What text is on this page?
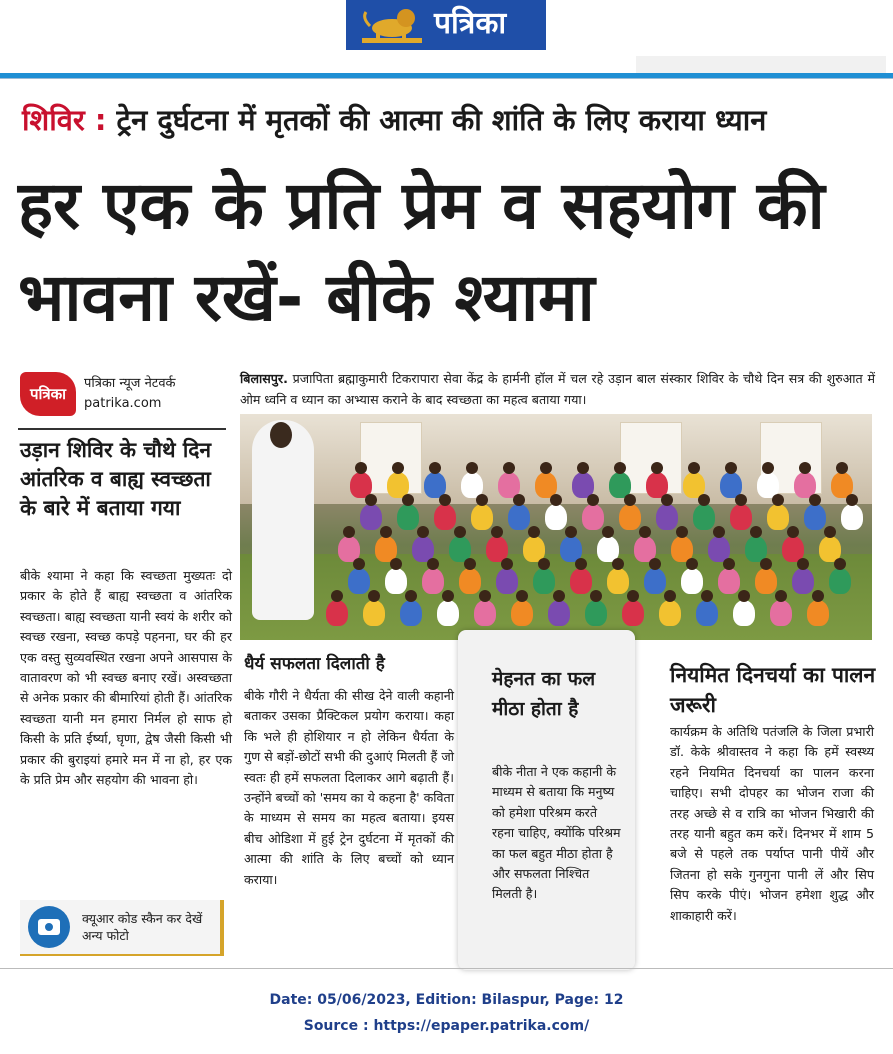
पत्रिका
शिविर : ट्रेन दुर्घटना में मृतकों की आत्मा की शांति के लिए कराया ध्यान
हर एक के प्रति प्रेम व सहयोग की भावना रखें- बीके श्यामा
पत्रिका
पत्रिका न्यूज नेटवर्क
patrika.com
उड़ान शिविर के चौथे दिन आंतरिक व बाह्य स्वच्छता के बारे में बताया गया
बीके श्यामा ने कहा कि स्वच्छता मुख्यतः दो प्रकार के होते हैं बाह्य स्वच्छता व आंतरिक स्वच्छता। बाह्य स्वच्छता यानी स्वयं के शरीर को स्वच्छ रखना, स्वच्छ कपड़े पहनना, घर की हर एक वस्तु सुव्यवस्थित रखना अपने आसपास के वातावरण को भी स्वच्छ बनाए रखें। अस्वच्छता से अनेक प्रकार की बीमारियां होती हैं। आंतरिक स्वच्छता यानी मन हमारा निर्मल हो साफ हो किसी के प्रति ईर्ष्या, घृणा, द्वेष जैसी किसी भी प्रकार की बुराइयां हमारे मन में ना हो, हर एक के प्रति प्रेम और सहयोग की भावना हो।
क्यूआर कोड स्कैन कर देखें अन्य फोटो
बिलासपुर. प्रजापिता ब्रह्माकुमारी टिकरापारा सेवा केंद्र के हार्मनी हॉल में चल रहे उड़ान बाल संस्कार शिविर के चौथे दिन सत्र की शुरुआत में ओम ध्वनि व ध्यान का अभ्यास कराने के बाद स्वच्छता का महत्व बताया गया।
धैर्य सफलता दिलाती है
बीके गौरी ने धैर्यता की सीख देने वाली कहानी बताकर उसका प्रैक्टिकल प्रयोग कराया। कहा कि भले ही होशियार न हो लेकिन धैर्यता के गुण से बड़ों-छोटों सभी की दुआएं मिलती हैं जो स्वतः ही हमें सफलता दिलाकर आगे बढ़ाती हैं। उन्होंने बच्चों को 'समय का ये कहना है' कविता के माध्यम से समय का महत्व बताया। इयस बीच ओडिशा में हुई ट्रेन दुर्घटना में मृतकों की आत्मा की शांति के लिए बच्चों को ध्यान कराया।
मेहनत का फल मीठा होता है
बीके नीता ने एक कहानी के माध्यम से बताया कि मनुष्य को हमेशा परिश्रम करते रहना चाहिए, क्योंकि परिश्रम का फल बहुत मीठा होता है और सफलता निश्चित मिलती है।
नियमित दिनचर्या का पालन जरूरी
कार्यक्रम के अतिथि पतंजलि के जिला प्रभारी डॉ. केके श्रीवास्तव ने कहा कि हमें स्वस्थ्य रहने नियमित दिनचर्या का पालन करना चाहिए। सभी दोपहर का भोजन राजा की तरह अच्छे से व रात्रि का भोजन भिखारी की तरह यानी बहुत कम करें। दिनभर में शाम 5 बजे से पहले तक पर्याप्त पानी पीयें और जितना हो सके गुनगुना पानी लें और सिप सिप करके पीएं। भोजन हमेशा शुद्ध और शाकाहारी करें।
Date: 05/06/2023, Edition: Bilaspur, Page: 12
Source : https://epaper.patrika.com/
